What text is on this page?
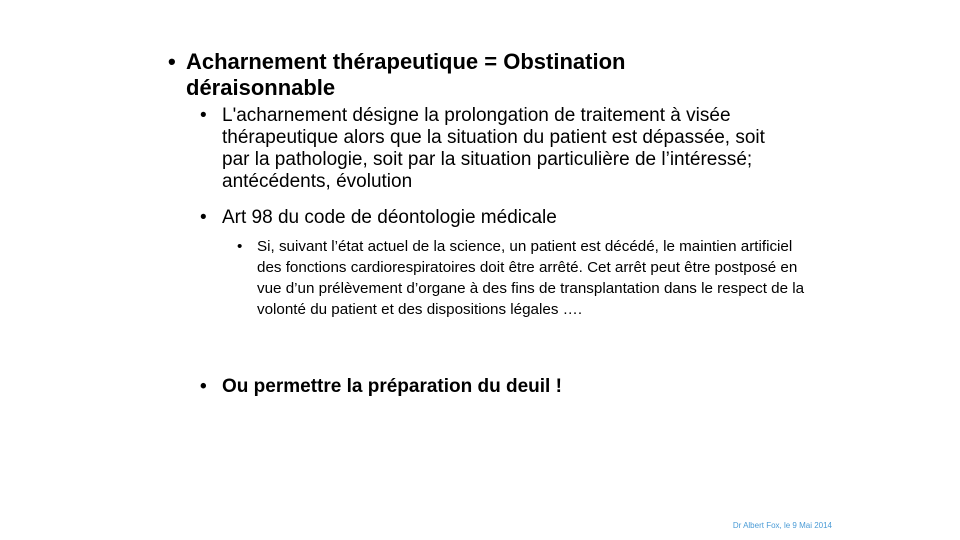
• Acharnement thérapeutique = Obstination déraisonnable
• L'acharnement désigne la prolongation de traitement à visée thérapeutique alors que la situation du patient est dépassée, soit par la pathologie, soit par la situation particulière de l’intéressé; antécédents, évolution
• Art 98 du code de déontologie médicale
• Si, suivant l’état actuel de la science, un patient est décédé, le maintien artificiel des fonctions cardiorespiratoires doit être arrêté. Cet arrêt peut être postposé en vue d’un prélèvement d’organe à des fins de transplantation dans le respect de la volonté du patient et des dispositions légales ….
• Ou permettre la préparation du deuil !
Dr Albert Fox, le 9 Mai 2014
